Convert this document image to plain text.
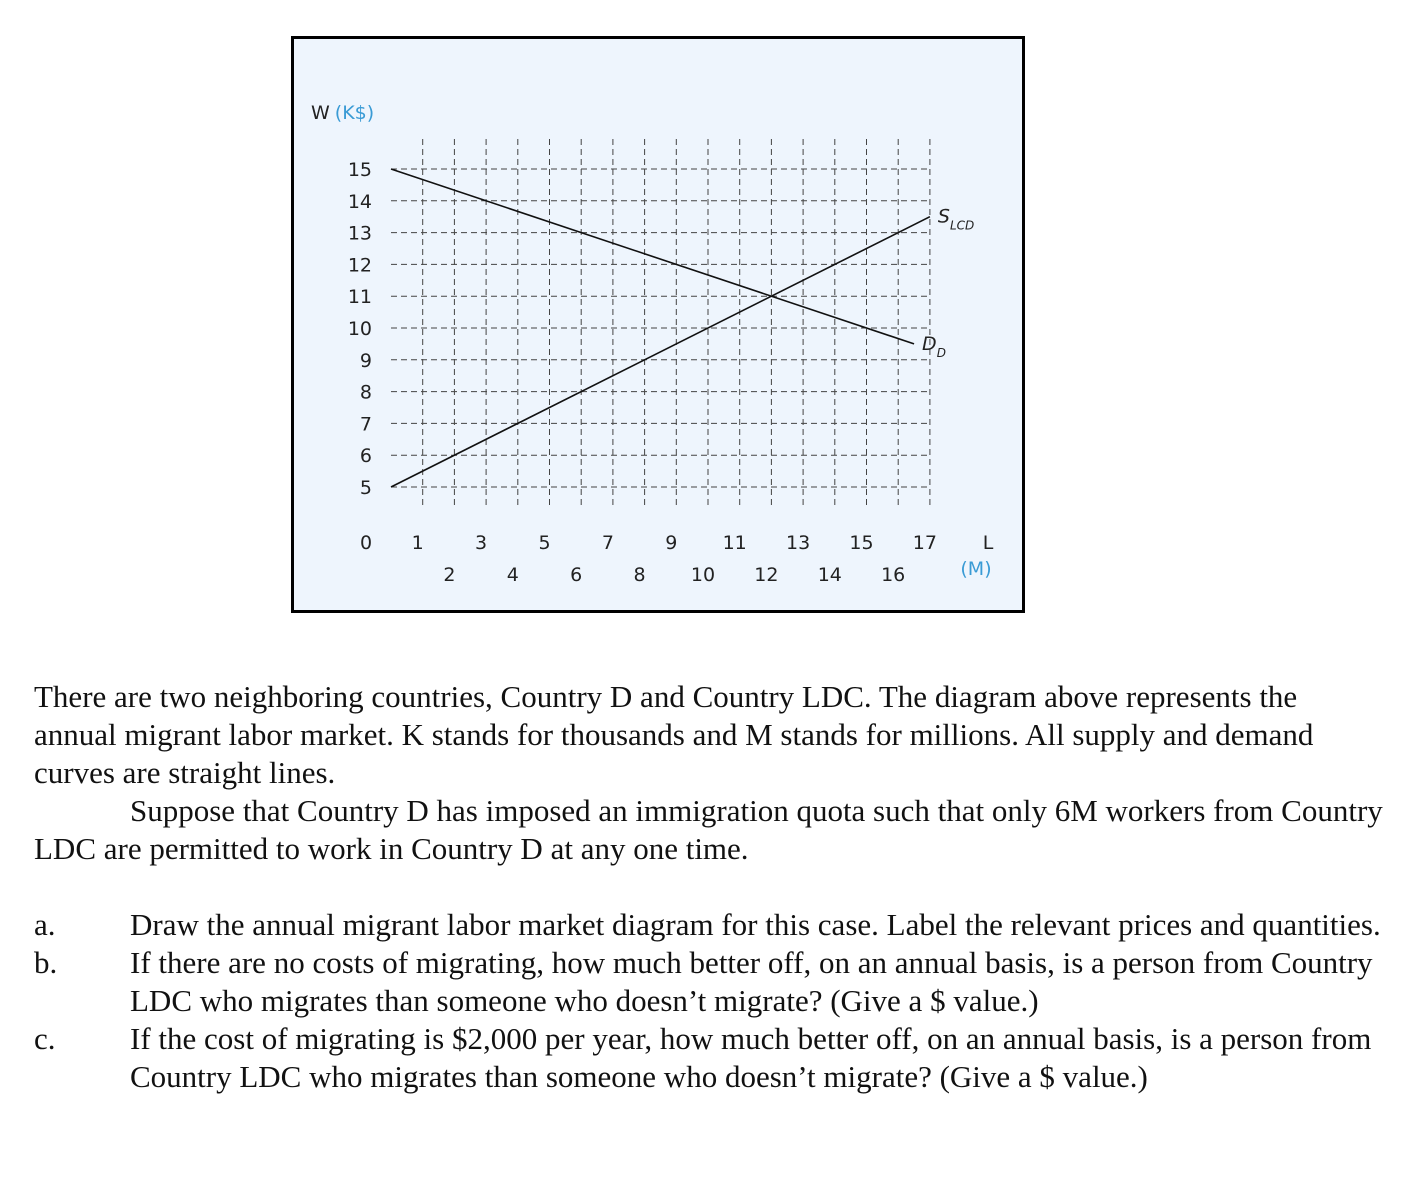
W (K$)
L
(M)
0
15
14
13
12
11
10
9
8
7
6
5
1	3	5	7	9 11 13 15 17
2	4	6	8 10 12 14 16
$S_{LCD}$
$D_D$

There are two neighboring countries, Country D and Country LDC. The diagram above represents the annual migrant labor market. K stands for thousands and M stands for millions. All supply and demand curves are straight lines.

Suppose that Country D has imposed an immigration quota such that only 6M workers from Country LDC are permitted to work in Country D at any one time.

a.	Draw the annual migrant labor market diagram for this case. Label the relevant prices and quantities.
b.	If there are no costs of migrating, how much better off, on an annual basis, is a person from Country LDC who migrates than someone who doesn’t migrate? (Give a $ value.)
c.	If the cost of migrating is $2,000 per year, how much better off, on an annual basis, is a person from Country LDC who migrates than someone who doesn’t migrate? (Give a $ value.)
